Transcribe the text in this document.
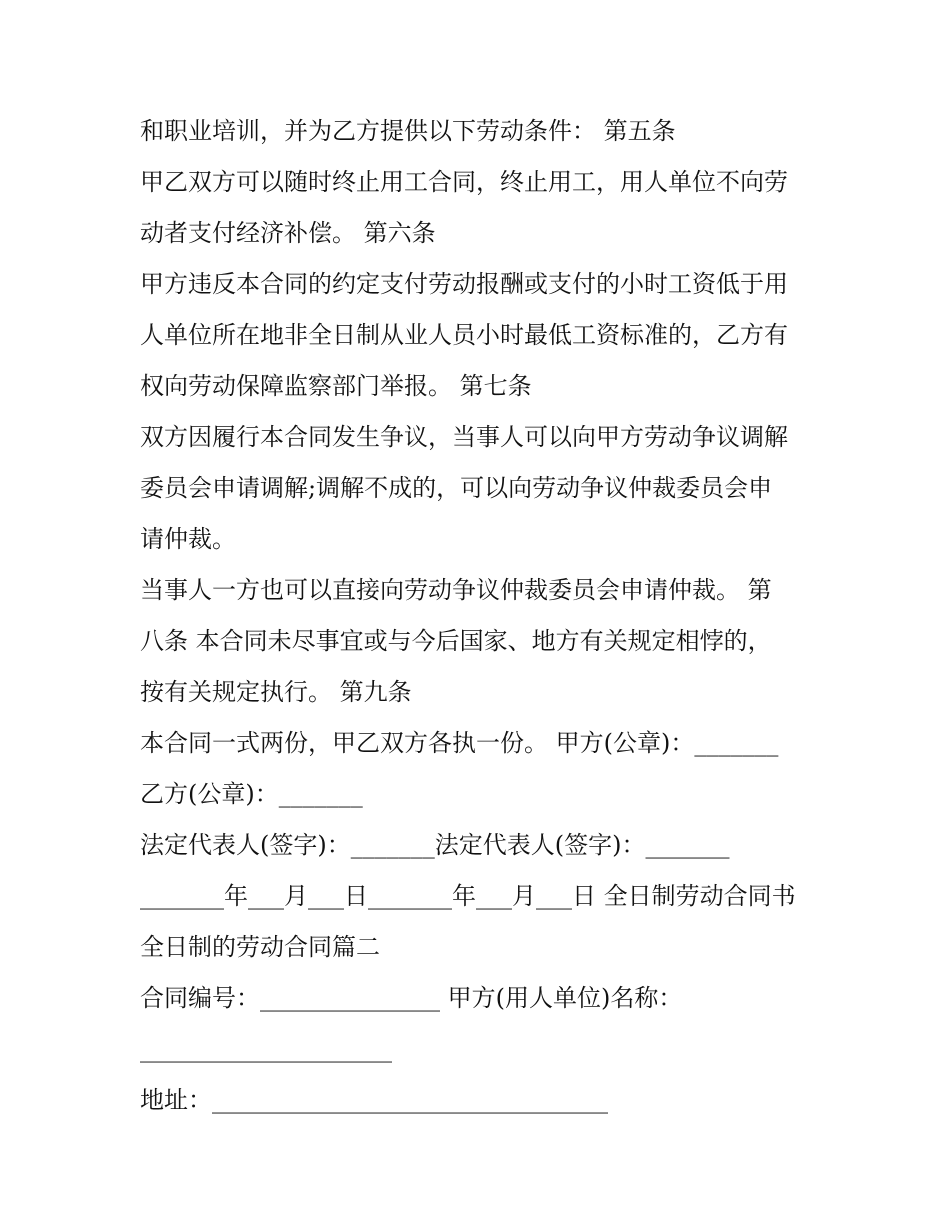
和职业培训，并为乙方提供以下劳动条件： 第五条
甲乙双方可以随时终止用工合同，终止用工，用人单位不向劳
动者支付经济补偿。 第六条
甲方违反本合同的约定支付劳动报酬或支付的小时工资低于用
人单位所在地非全日制从业人员小时最低工资标准的，乙方有
权向劳动保障监察部门举报。 第七条
双方因履行本合同发生争议，当事人可以向甲方劳动争议调解
委员会申请调解;调解不成的，可以向劳动争议仲裁委员会申
请仲裁。
当事人一方也可以直接向劳动争议仲裁委员会申请仲裁。 第
八条 本合同未尽事宜或与今后国家、地方有关规定相悖的，
按有关规定执行。 第九条
本合同一式两份，甲乙双方各执一份。 甲方(公章)：_______
乙方(公章)：_______
法定代表人(签字)：_______法定代表人(签字)：_______
_______年___月___日_______年___月___日 全日制劳动合同书
全日制的劳动合同篇二
合同编号：_______________ 甲方(用人单位)名称：
_____________________
地址：_________________________________
